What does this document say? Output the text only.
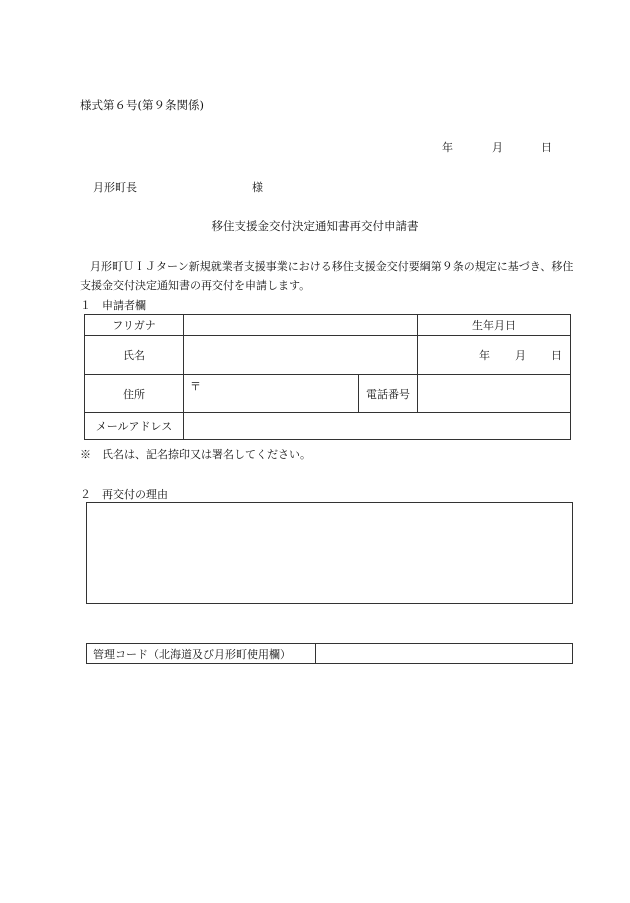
様式第６号(第９条関係)
年	月	日
月形町長	様
移住支援金交付決定通知書再交付申請書
月形町ＵＩＪターン新規就業者支援事業における移住支援金交付要綱第９条の規定に基づき、移住支援金交付決定通知書の再交付を申請します。
１　申請者欄
フリガナ			生年月日
氏名			年 月 日
住所	〒	電話番号	
メールアドレス			
※　氏名は、記名捺印又は署名してください。
２　再交付の理由
管理コード（北海道及び月形町使用欄）	
